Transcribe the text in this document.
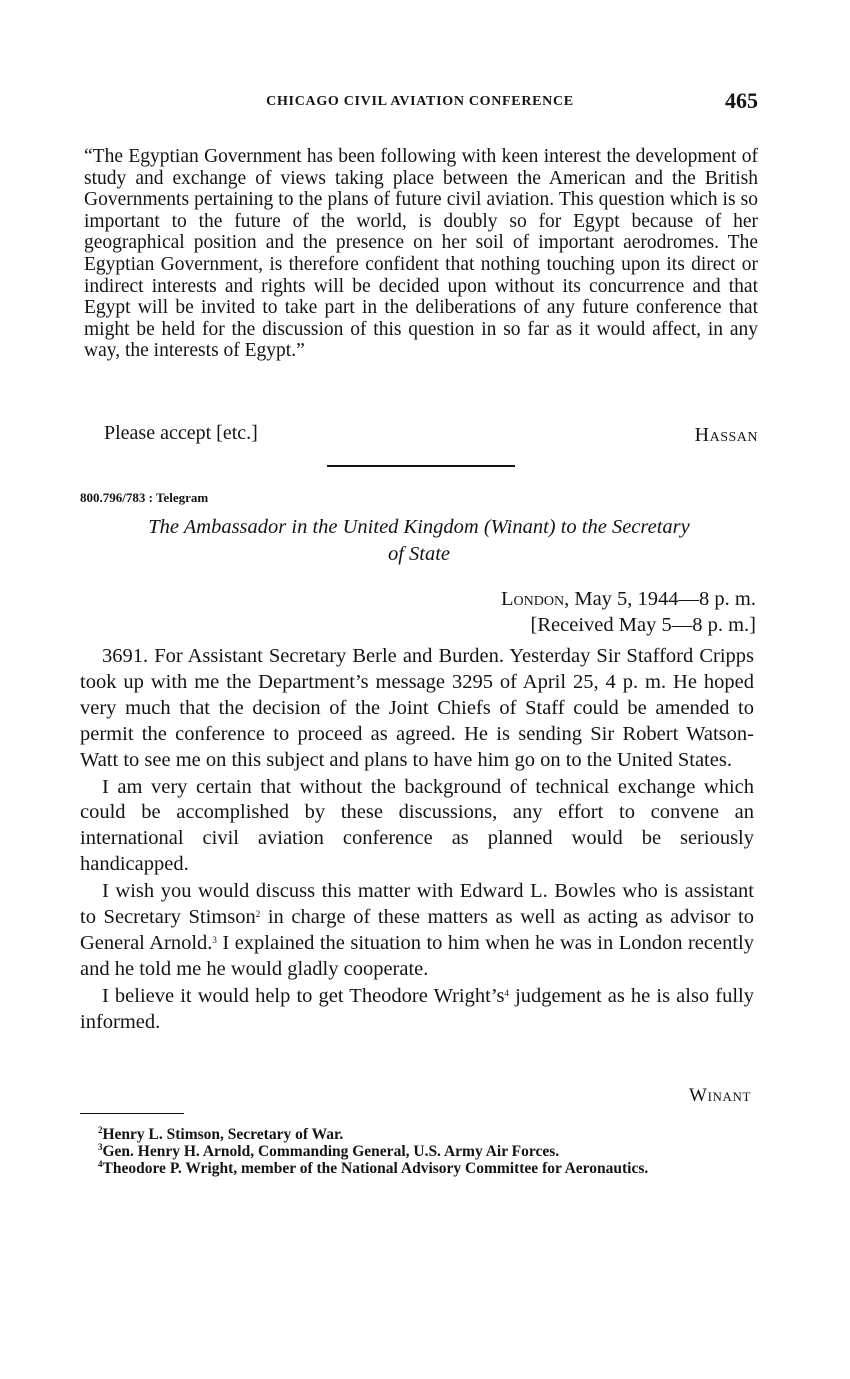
CHICAGO CIVIL AVIATION CONFERENCE	465

“The Egyptian Government has been following with keen interest the development of study and exchange of views taking place between the American and the British Governments pertaining to the plans of future civil aviation. This question which is so important to the future of the world, is doubly so for Egypt because of her geographical position and the presence on her soil of important aerodromes. The Egyptian Government, is therefore confident that nothing touching upon its direct or indirect interests and rights will be decided upon without its concurrence and that Egypt will be invited to take part in the deliberations of any future conference that might be held for the discussion of this question in so far as it would affect, in any way, the interests of Egypt.”

Please accept [etc.]	Hassan
800.796/783 : Telegram

The Ambassador in the United Kingdom (Winant) to the Secretary
of State

London, May 5, 1944—8 p. m.
[Received May 5—8 p. m.]

3691. For Assistant Secretary Berle and Burden. Yesterday Sir Stafford Cripps took up with me the Department’s message 3295 of April 25, 4 p. m. He hoped very much that the decision of the Joint Chiefs of Staff could be amended to permit the conference to proceed as agreed. He is sending Sir Robert Watson-Watt to see me on this subject and plans to have him go on to the United States.

I am very certain that without the background of technical exchange which could be accomplished by these discussions, any effort to convene an international civil aviation conference as planned would be seriously handicapped.

I wish you would discuss this matter with Edward L. Bowles who is assistant to Secretary Stimson$^2$ in charge of these matters as well as acting as advisor to General Arnold.$^3$ I explained the situation to him when he was in London recently and he told me he would gladly cooperate.

I believe it would help to get Theodore $Wright’s^4$ judgement as he is also fully informed.

Winant

$^2$Henry L. Stimson, Secretary of War.

$^3$Gen. Henry H. Arnold, Commanding General, U.S. Army Air Forces.

$^4$Theodore P. Wright, member of the National Advisory Committee for Aeronautics.
